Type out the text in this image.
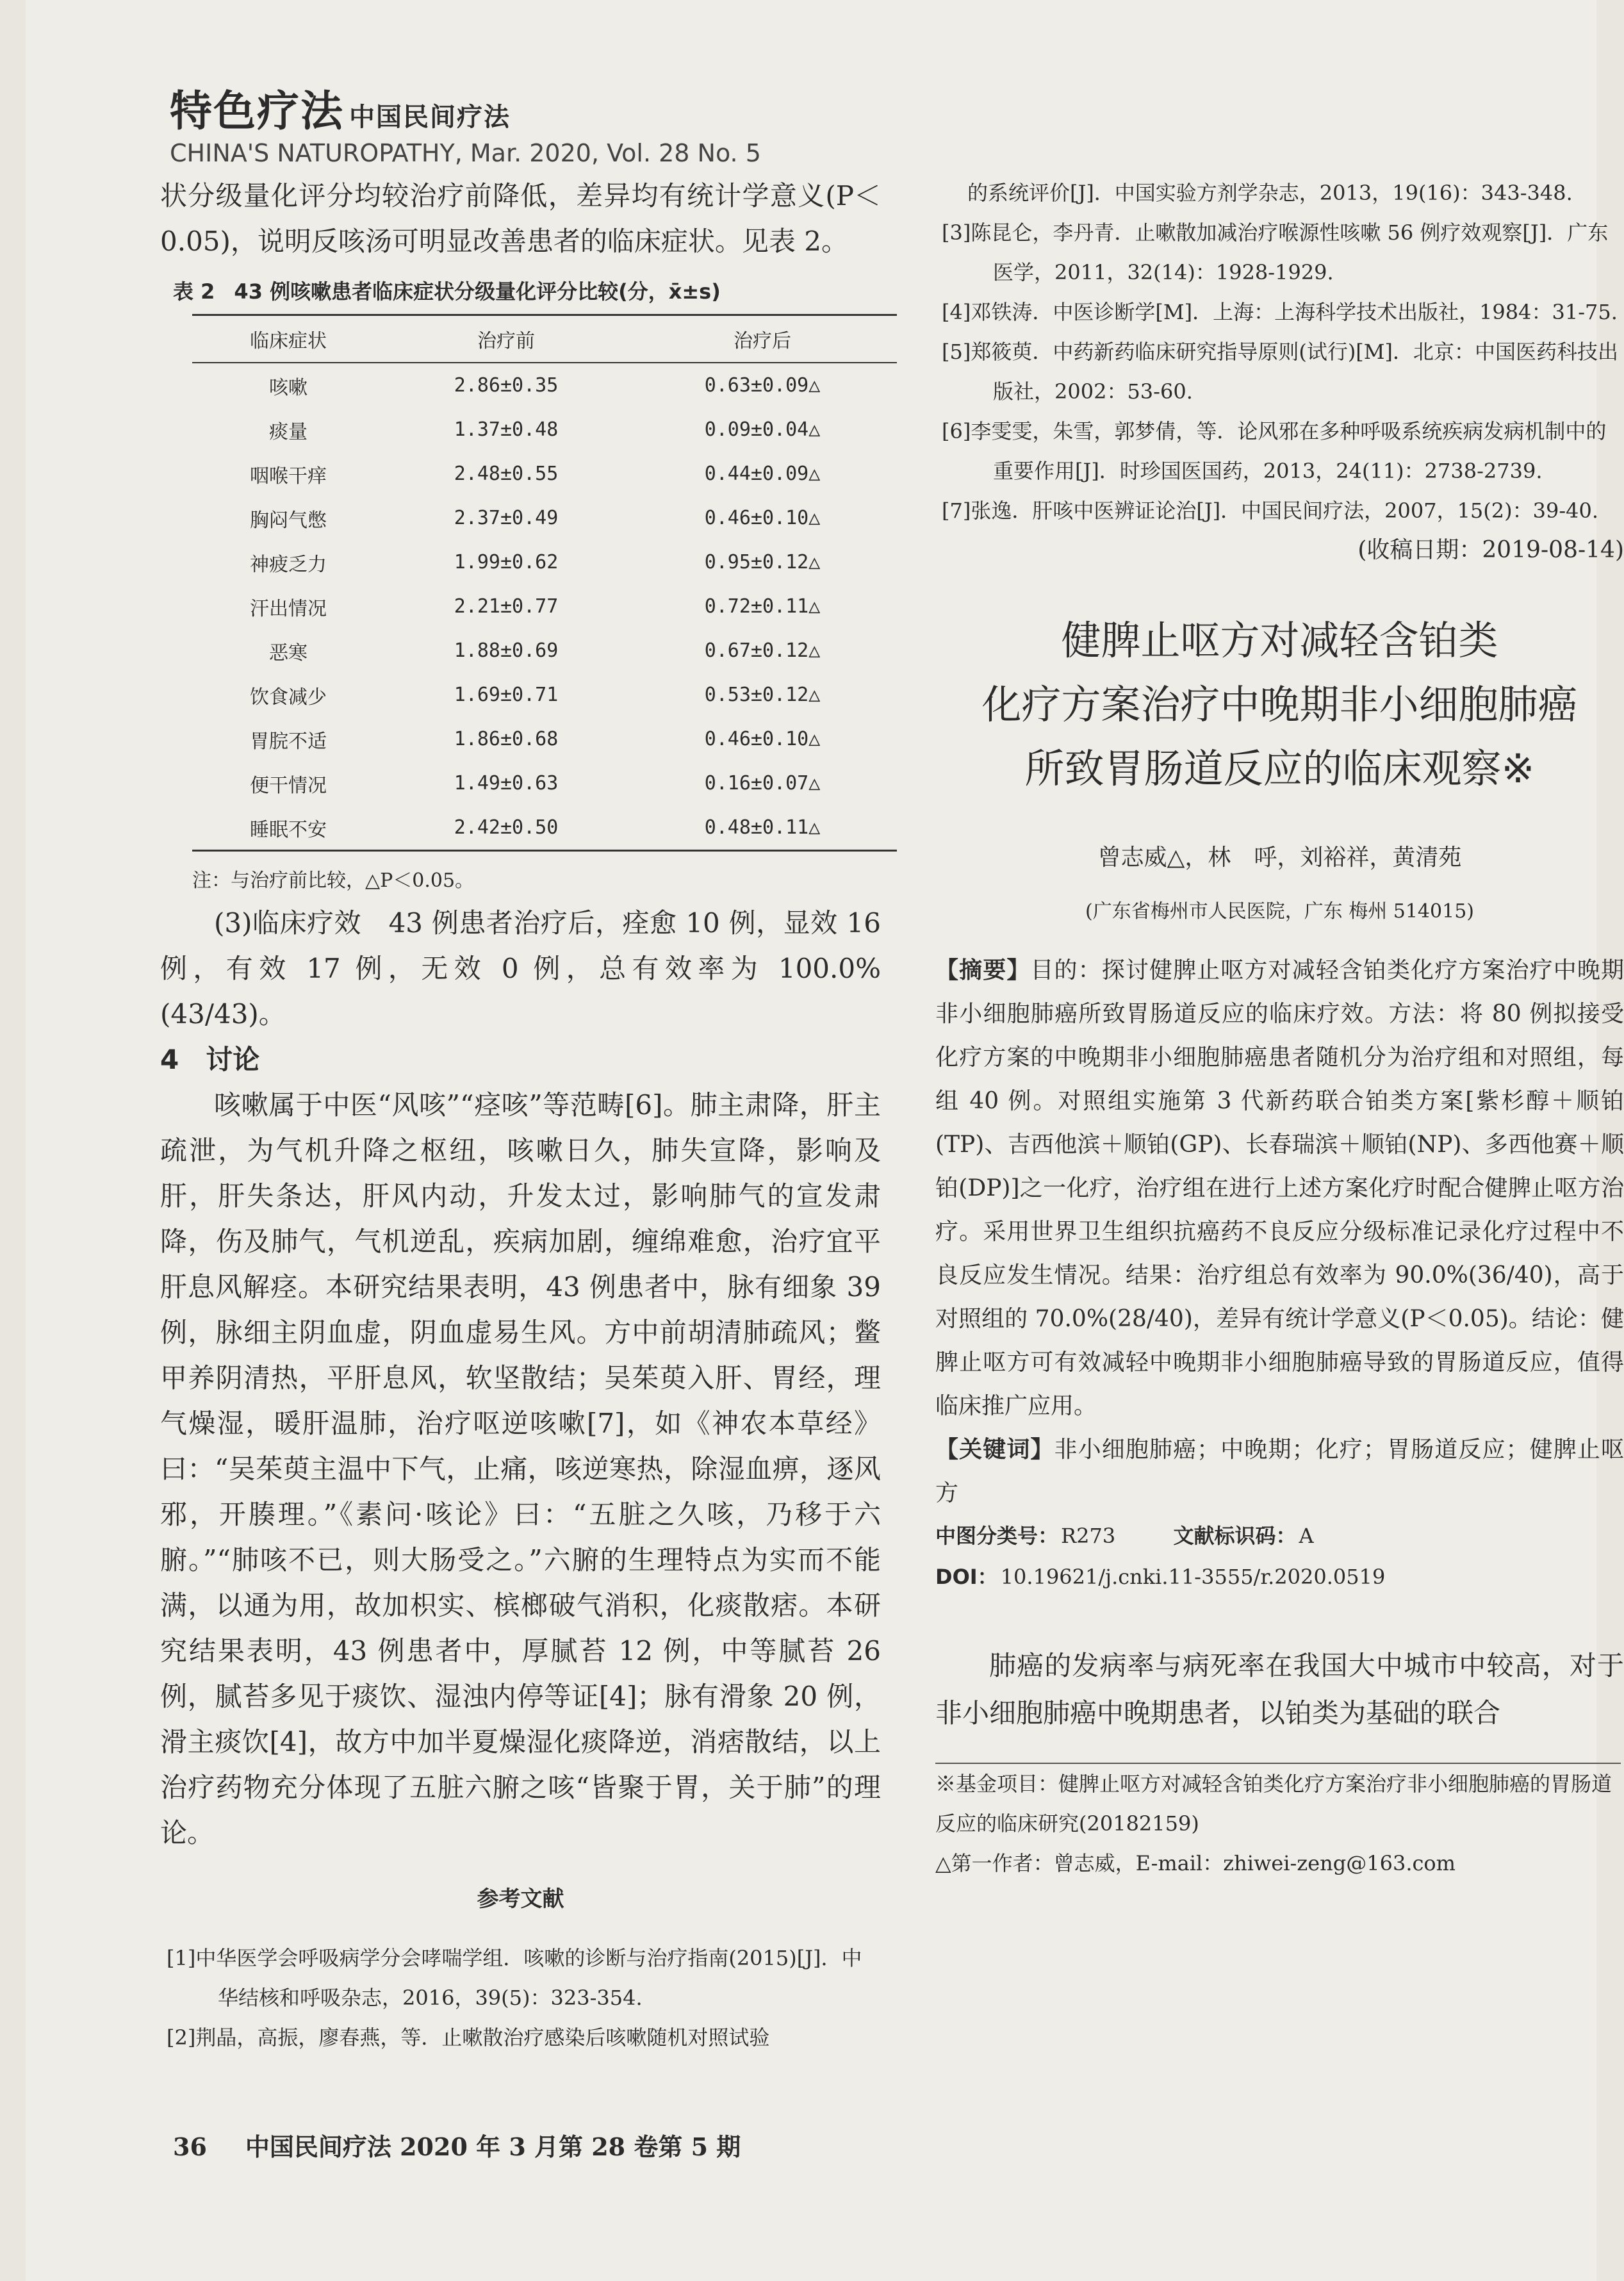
特色疗法 中国民间疗法
CHINA'S NATUROPATHY, Mar. 2020, Vol. 28 No. 5

状分级量化评分均较治疗前降低，差异均有统计学意义(P＜0.05)，说明反咳汤可明显改善患者的临床症状。见表 2。

表 2 43 例咳嗽患者临床症状分级量化评分比较(分，x̄±s)
临床症状	治疗前	治疗后
咳嗽	2.86±0.35	0.63±0.09△
痰量	1.37±0.48	0.09±0.04△
咽喉干痒	2.48±0.55	0.44±0.09△
胸闷气憋	2.37±0.49	0.46±0.10△
神疲乏力	1.99±0.62	0.95±0.12△
汗出情况	2.21±0.77	0.72±0.11△
恶寒	1.88±0.69	0.67±0.12△
饮食减少	1.69±0.71	0.53±0.12△
胃脘不适	1.86±0.68	0.46±0.10△
便干情况	1.49±0.63	0.16±0.07△
睡眠不安	2.42±0.50	0.48±0.11△
注：与治疗前比较，△P＜0.05。

(3)临床疗效　43 例患者治疗后，痊愈 10 例，显效 16 例，有效 17 例，无效 0 例，总有效率为 100.0%(43/43)。

4　讨论

咳嗽属于中医“风咳”“痉咳”等范畴[6]。肺主肃降，肝主疏泄，为气机升降之枢纽，咳嗽日久，肺失宣降，影响及肝，肝失条达，肝风内动，升发太过，影响肺气的宣发肃降，伤及肺气，气机逆乱，疾病加剧，缠绵难愈，治疗宜平肝息风解痉。本研究结果表明，43 例患者中，脉有细象 39 例，脉细主阴血虚，阴血虚易生风。方中前胡清肺疏风；鳖甲养阴清热，平肝息风，软坚散结；吴茱萸入肝、胃经，理气燥湿，暖肝温肺，治疗呕逆咳嗽[7]，如《神农本草经》曰：“吴茱萸主温中下气，止痛，咳逆寒热，除湿血痹，逐风邪，开腠理。”《素问·咳论》曰：“五脏之久咳，乃移于六腑。”“肺咳不已，则大肠受之。”六腑的生理特点为实而不能满，以通为用，故加枳实、槟榔破气消积，化痰散痞。本研究结果表明，43 例患者中，厚腻苔 12 例，中等腻苔 26 例，腻苔多见于痰饮、湿浊内停等证[4]；脉有滑象 20 例，滑主痰饮[4]，故方中加半夏燥湿化痰降逆，消痞散结，以上治疗药物充分体现了五脏六腑之咳“皆聚于胃，关于肺”的理论。

参考文献

[1]中华医学会呼吸病学分会哮喘学组．咳嗽的诊断与治疗指南(2015)[J]．中华结核和呼吸杂志，2016，39(5)：323-354.

[2]荆晶，高振，廖春燕，等．止嗽散治疗感染后咳嗽随机对照试验

的系统评价[J]．中国实验方剂学杂志，2013，19(16)：343-348.

[3]陈昆仑，李丹青．止嗽散加减治疗喉源性咳嗽 56 例疗效观察[J]．广东医学，2011，32(14)：1928-1929.

[4]邓铁涛．中医诊断学[M]．上海：上海科学技术出版社，1984：31-75.

[5]郑筱萸．中药新药临床研究指导原则(试行)[M]．北京：中国医药科技出版社，2002：53-60.

[6]李雯雯，朱雪，郭梦倩，等．论风邪在多种呼吸系统疾病发病机制中的重要作用[J]．时珍国医国药，2013，24(11)：2738-2739.

[7]张逸．肝咳中医辨证论治[J]．中国民间疗法，2007，15(2)：39-40.

(收稿日期：2019-08-14)

健脾止呕方对减轻含铂类
化疗方案治疗中晚期非小细胞肺癌
所致胃肠道反应的临床观察※
曾志威△，林　呼，刘裕祥，黄清苑
(广东省梅州市人民医院，广东 梅州 514015)

【摘要】目的：探讨健脾止呕方对减轻含铂类化疗方案治疗中晚期非小细胞肺癌所致胃肠道反应的临床疗效。方法：将 80 例拟接受化疗方案的中晚期非小细胞肺癌患者随机分为治疗组和对照组，每组 40 例。对照组实施第 3 代新药联合铂类方案[紫杉醇＋顺铂(TP)、吉西他滨＋顺铂(GP)、长春瑞滨＋顺铂(NP)、多西他赛＋顺铂(DP)]之一化疗，治疗组在进行上述方案化疗时配合健脾止呕方治疗。采用世界卫生组织抗癌药不良反应分级标准记录化疗过程中不良反应发生情况。结果：治疗组总有效率为 90.0%(36/40)，高于对照组的 70.0%(28/40)，差异有统计学意义(P＜0.05)。结论：健脾止呕方可有效减轻中晚期非小细胞肺癌导致的胃肠道反应，值得临床推广应用。

【关键词】非小细胞肺癌；中晚期；化疗；胃肠道反应；健脾止呕方

中图分类号： R273	文献标识码： A

DOI： 10.19621/j.cnki.11-3555/r.2020.0519

肺癌的发病率与病死率在我国大中城市中较高，对于非小细胞肺癌中晚期患者，以铂类为基础的联合

※基金项目：健脾止呕方对减轻含铂类化疗方案治疗非小细胞肺癌的胃肠道反应的临床研究(20182159)

△第一作者：曾志威，E-mail：zhiwei-zeng@163.com

36 中国民间疗法 2020 年 3 月第 28 卷第 5 期
